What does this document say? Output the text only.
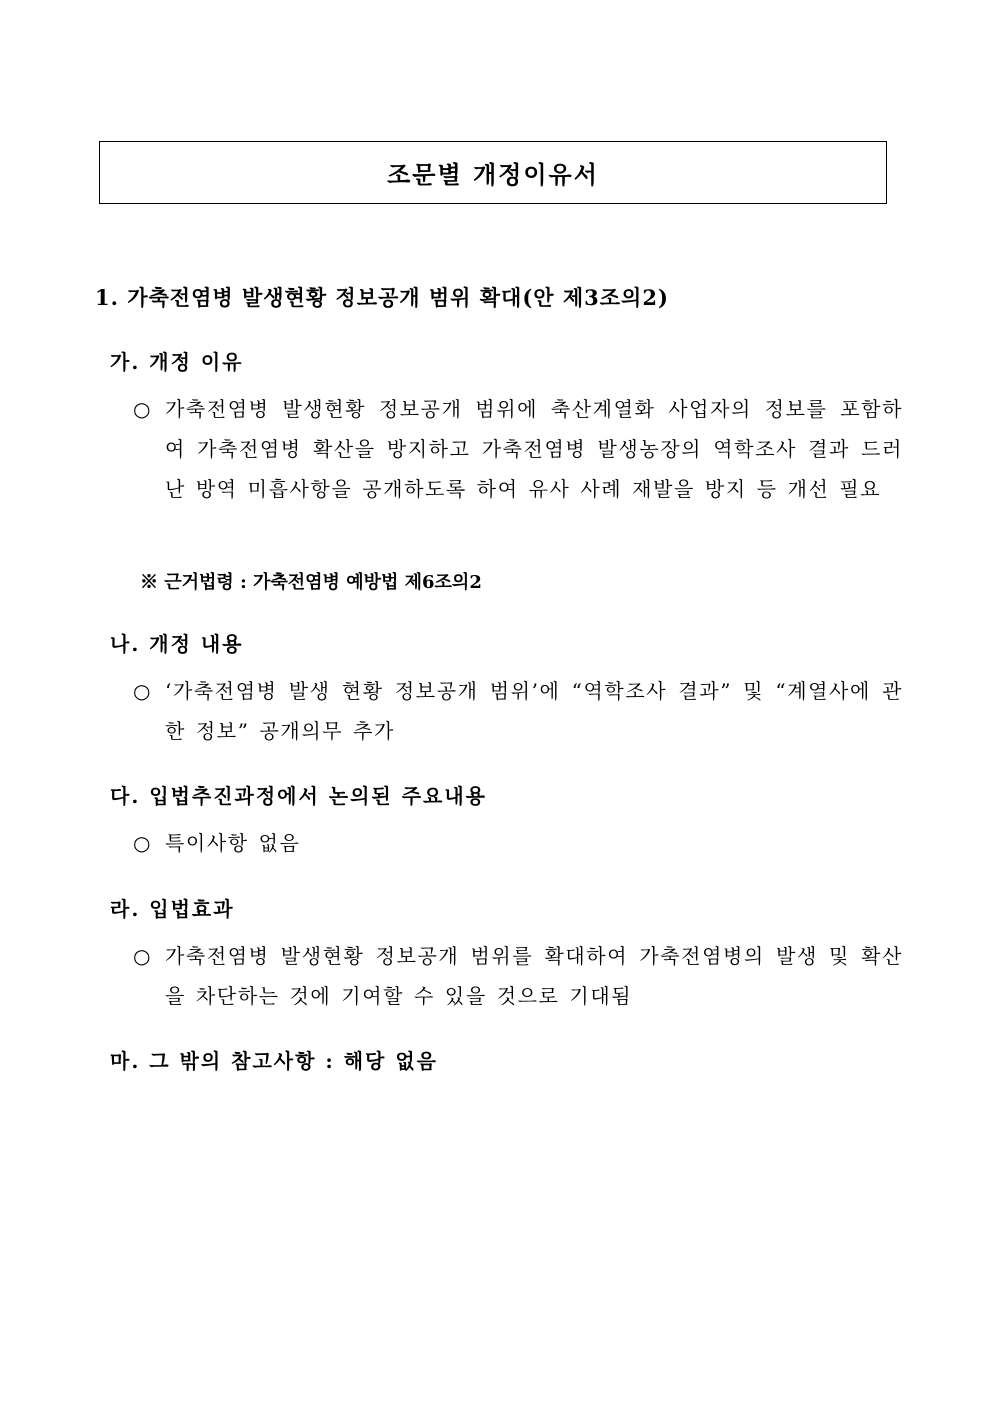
조문별 개정이유서
1. 가축전염병 발생현황 정보공개 범위 확대(안 제3조의2)
가. 개정 이유
○ 가축전염병 발생현황 정보공개 범위에 축산계열화 사업자의 정보를 포함하여 가축전염병 확산을 방지하고 가축전염병 발생농장의 역학조사 결과 드러난 방역 미흡사항을 공개하도록 하여 유사 사례 재발을 방지 등 개선 필요
※ 근거법령 : 가축전염병 예방법 제6조의2
나. 개정 내용
○ ‘가축전염병 발생 현황 정보공개 범위’에 “역학조사 결과” 및 “계열사에 관한 정보” 공개의무 추가
다. 입법추진과정에서 논의된 주요내용
○ 특이사항 없음
라. 입법효과
○ 가축전염병 발생현황 정보공개 범위를 확대하여 가축전염병의 발생 및 확산을 차단하는 것에 기여할 수 있을 것으로 기대됨
마. 그 밖의 참고사항 : 해당 없음
